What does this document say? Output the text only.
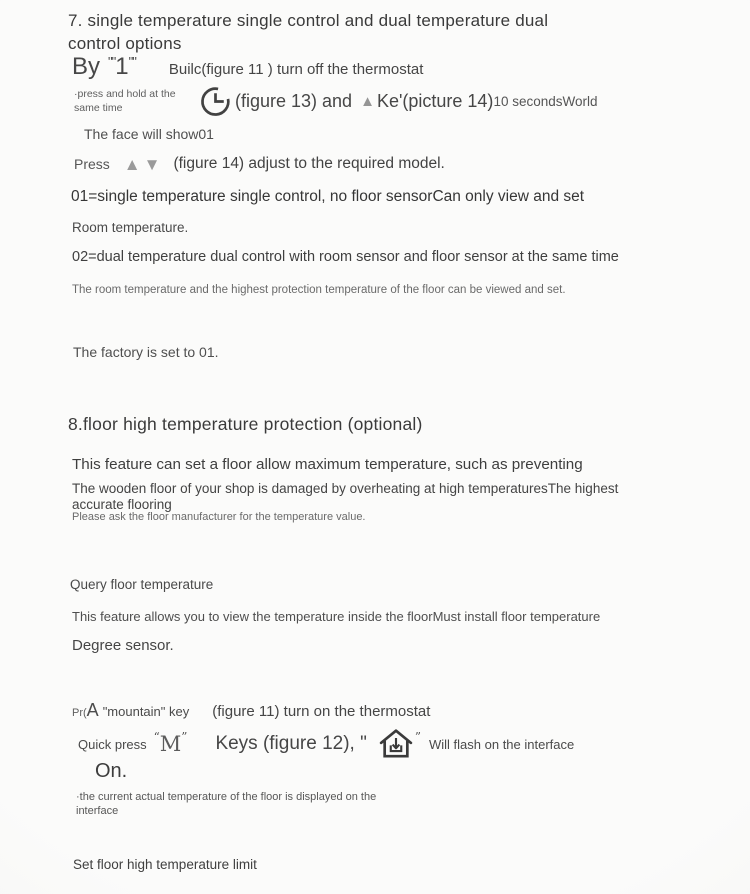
7. single temperature single control and dual temperature dual control options
By "" 1 "" Builc(figure 11 ) turn off the thermostat
·press and hold at the same time	(figure 13) and ▲ Ke'(picture 14) 10 secondsWorld
The face will show01
Press ▲ ▼ (figure 14) adjust to the required model.
01=single temperature single control, no floor sensorCan only view and set
Room temperature.
02=dual temperature dual control with room sensor and floor sensor at the same time
The room temperature and the highest protection temperature of the floor can be viewed and set.
The factory is set to 01.
8.floor high temperature protection (optional)
This feature can set a floor allow maximum temperature, such as preventing
The wooden floor of your shop is damaged by overheating at high temperaturesThe highest accurate flooring
Please ask the floor manufacturer for the temperature value.
Query floor temperature
This feature allows you to view the temperature inside the floorMust install floor temperature
Degree sensor.
Pr( A "mountain" key (figure 11) turn on the thermostat
Quick press “ M ” Keys (figure 12), "	” Will flash on the interface
On.
·the current actual temperature of the floor is displayed on the interface
Set floor high temperature limit
